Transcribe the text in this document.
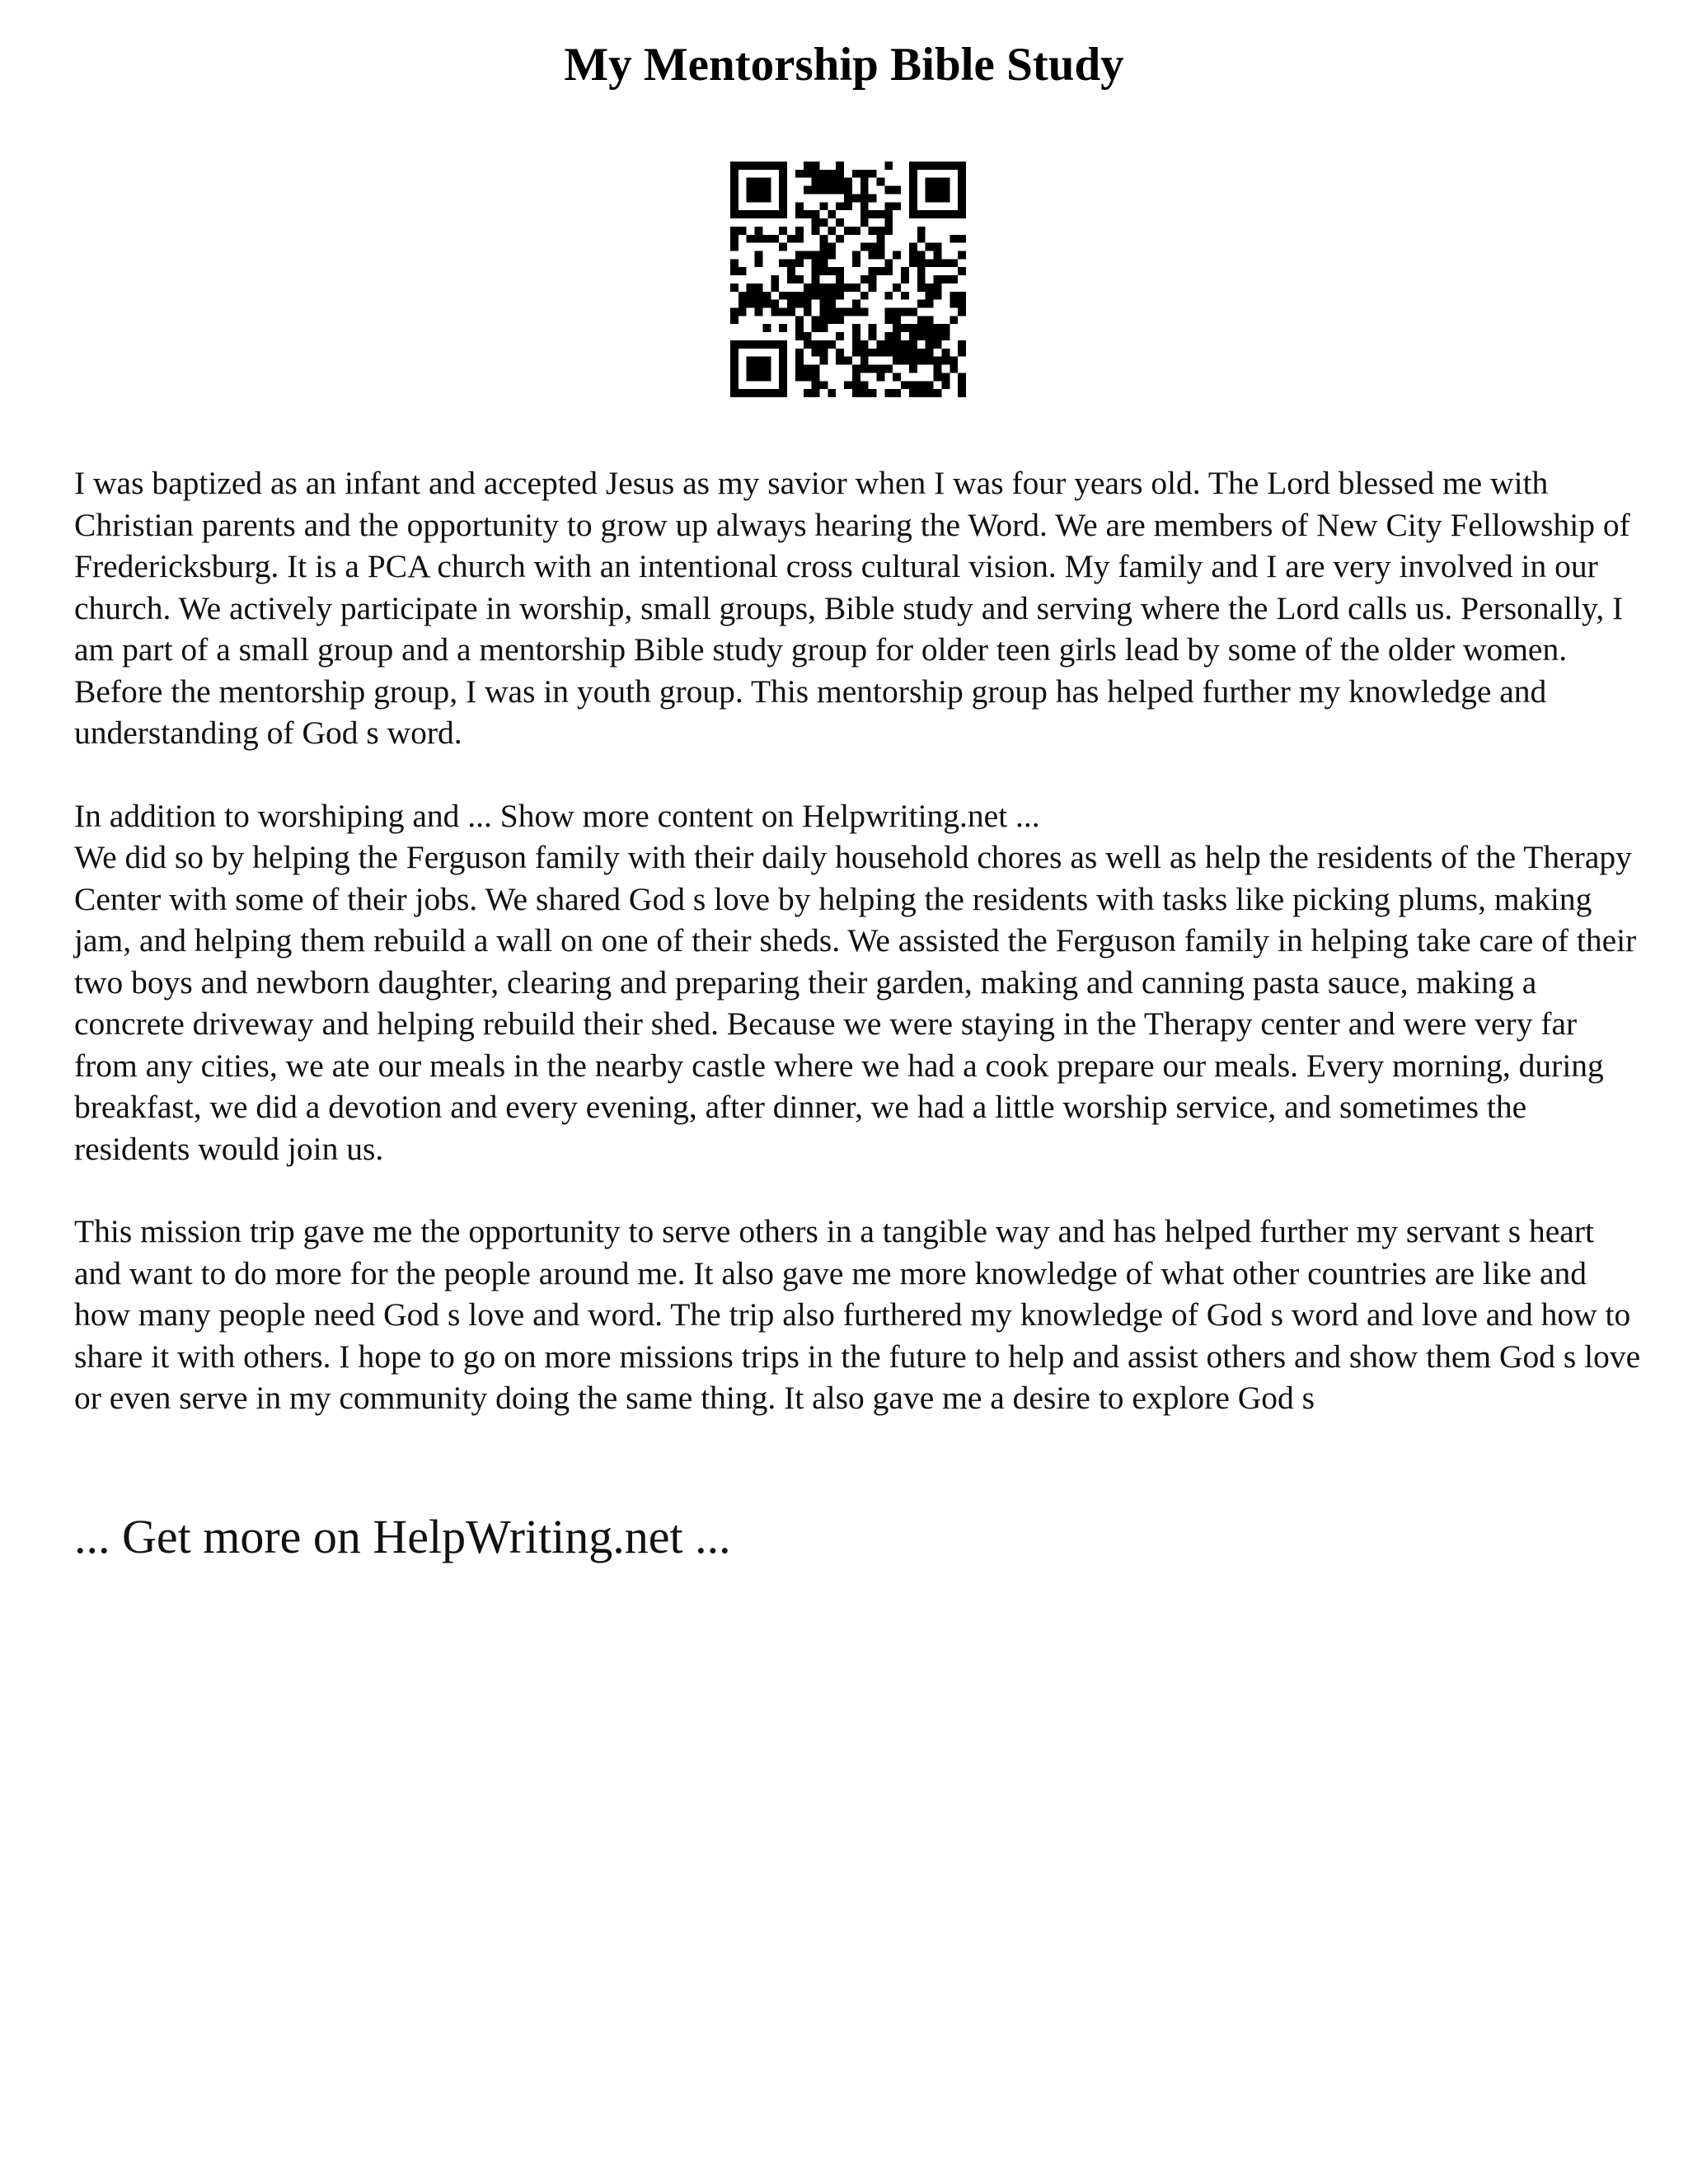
My Mentorship Bible Study

I was baptized as an infant and accepted Jesus as my savior when I was four years old. The Lord blessed me with Christian parents and the opportunity to grow up always hearing the Word. We are members of New City Fellowship of Fredericksburg. It is a PCA church with an intentional cross cultural vision. My family and I are very involved in our church. We actively participate in worship, small groups, Bible study and serving where the Lord calls us. Personally, I am part of a small group and a mentorship Bible study group for older teen girls lead by some of the older women. Before the mentorship group, I was in youth group. This mentorship group has helped further my knowledge and understanding of God s word.

In addition to worshiping and ... Show more content on Helpwriting.net ...

We did so by helping the Ferguson family with their daily household chores as well as help the residents of the Therapy Center with some of their jobs. We shared God s love by helping the residents with tasks like picking plums, making jam, and helping them rebuild a wall on one of their sheds. We assisted the Ferguson family in helping take care of their two boys and newborn daughter, clearing and preparing their garden, making and canning pasta sauce, making a concrete driveway and helping rebuild their shed. Because we were staying in the Therapy center and were very far from any cities, we ate our meals in the nearby castle where we had a cook prepare our meals. Every morning, during breakfast, we did a devotion and every evening, after dinner, we had a little worship service, and sometimes the residents would join us.

This mission trip gave me the opportunity to serve others in a tangible way and has helped further my servant s heart and want to do more for the people around me. It also gave me more knowledge of what other countries are like and how many people need God s love and word. The trip also furthered my knowledge of God s word and love and how to share it with others. I hope to go on more missions trips in the future to help and assist others and show them God s love or even serve in my community doing the same thing. It also gave me a desire to explore God s

... Get more on HelpWriting.net ...
